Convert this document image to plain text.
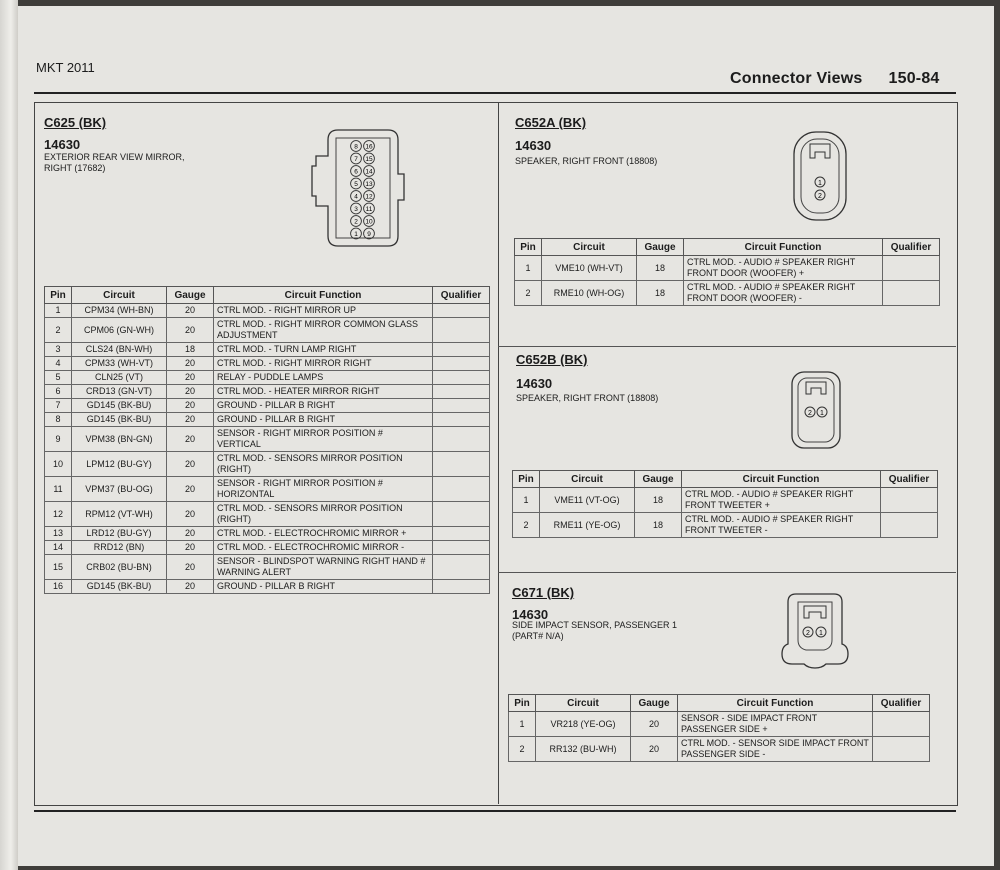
MKT 2011
Connector Views 150-84
C625 (BK)
14630
EXTERIOR REAR VIEW MIRROR, RIGHT (17682)
8 16
7 15
6 14
5 13
4 12
3 11
2 10
1 9
Pin	Circuit	Gauge	Circuit Function	Qualifier
1	CPM34 (WH-BN)	20	CTRL MOD. - RIGHT MIRROR UP	
2	CPM06 (GN-WH)	20	CTRL MOD. - RIGHT MIRROR COMMON GLASS ADJUSTMENT	
3	CLS24 (BN-WH)	18	CTRL MOD. - TURN LAMP RIGHT	
4	CPM33 (WH-VT)	20	CTRL MOD. - RIGHT MIRROR RIGHT	
5	CLN25 (VT)	20	RELAY - PUDDLE LAMPS	
6	CRD13 (GN-VT)	20	CTRL MOD. - HEATER MIRROR RIGHT	
7	GD145 (BK-BU)	20	GROUND - PILLAR B RIGHT	
8	GD145 (BK-BU)	20	GROUND - PILLAR B RIGHT	
9	VPM38 (BN-GN)	20	SENSOR - RIGHT MIRROR POSITION # VERTICAL	
10	LPM12 (BU-GY)	20	CTRL MOD. - SENSORS MIRROR POSITION (RIGHT)	
11	VPM37 (BU-OG)	20	SENSOR - RIGHT MIRROR POSITION # HORIZONTAL	
12	RPM12 (VT-WH)	20	CTRL MOD. - SENSORS MIRROR POSITION (RIGHT)	
13	LRD12 (BU-GY)	20	CTRL MOD. - ELECTROCHROMIC MIRROR +	
14	RRD12 (BN)	20	CTRL MOD. - ELECTROCHROMIC MIRROR -	
15	CRB02 (BU-BN)	20	SENSOR - BLINDSPOT WARNING RIGHT HAND # WARNING ALERT	
16	GD145 (BK-BU)	20	GROUND - PILLAR B RIGHT	
C652A (BK)
14630
SPEAKER, RIGHT FRONT (18808)
1
2
Pin	Circuit	Gauge	Circuit Function	Qualifier
1	VME10 (WH-VT)	18	CTRL MOD. - AUDIO # SPEAKER RIGHT FRONT DOOR (WOOFER) +	
2	RME10 (WH-OG)	18	CTRL MOD. - AUDIO # SPEAKER RIGHT FRONT DOOR (WOOFER) -	
C652B (BK)
14630
SPEAKER, RIGHT FRONT (18808)
2 1
Pin	Circuit	Gauge	Circuit Function	Qualifier
1	VME11 (VT-OG)	18	CTRL MOD. - AUDIO # SPEAKER RIGHT FRONT TWEETER +	
2	RME11 (YE-OG)	18	CTRL MOD. - AUDIO # SPEAKER RIGHT FRONT TWEETER -	
C671 (BK)
14630
SIDE IMPACT SENSOR, PASSENGER 1 (PART# N/A)	2 1
Pin	Circuit	Gauge	Circuit Function	Qualifier
1	VR218 (YE-OG)	20	SENSOR - SIDE IMPACT FRONT PASSENGER SIDE +	
2	RR132 (BU-WH)	20	CTRL MOD. - SENSOR SIDE IMPACT FRONT PASSENGER SIDE -	
